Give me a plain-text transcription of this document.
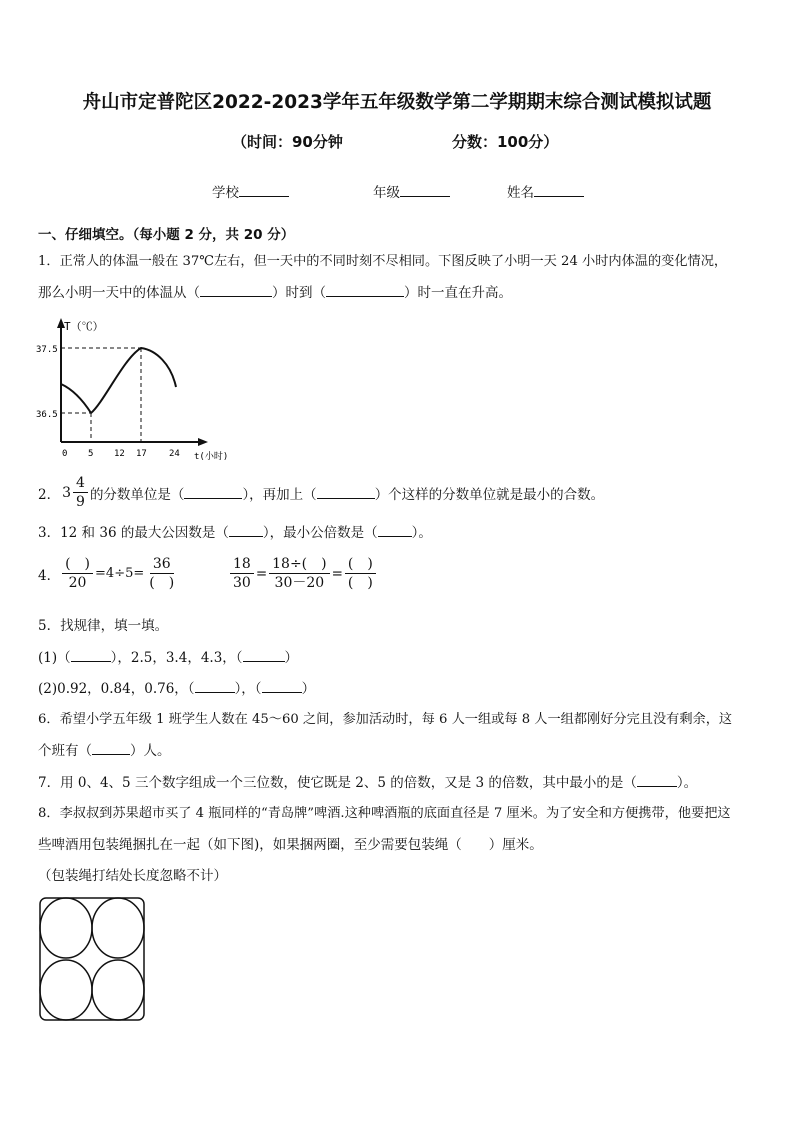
舟山市定普陀区2022-2023学年五年级数学第二学期期末综合测试模拟试题
（时间：90分钟	分数：100分）
学校	年级	姓名
一、仔细填空。（每小题 2 分，共 20 分）
1．正常人的体温一般在 37℃左右，但一天中的不同时刻不尽相同。下图反映了小明一天 24 小时内体温的变化情况，
那么小明一天中的体温从（	）时到（	）时一直在升高。
T（℃）
37.5
36.5
0 5 12 17 24 t(小时)
2． $3 \frac{4}{9}$ 的分数单位是（	），再加上（	）个这样的分数单位就是最小的合数。
3．12 和 36 的最大公因数是（	），最小公倍数是（	）。
4． $\frac{( )}{20} =4\div 5= \frac{36}{( )}$	$\frac{18}{30} = \frac{18\div( )}{30-20} = \frac{( )}{( )}$
5．找规律，填一填。
(1)（	），2.5，3.4，4.3，（	）
(2)0.92，0.84，0.76，（	），（	）
6．希望小学五年级 1 班学生人数在 45～60 之间，参加活动时，每 6 人一组或每 8 人一组都刚好分完且没有剩余，这
个班有（	）人。
7．用 0、4、5 三个数字组成一个三位数，使它既是 2、5 的倍数，又是 3 的倍数，其中最小的是（	）。
8．李叔叔到苏果超市买了 4 瓶同样的“青岛牌”啤酒.这种啤酒瓶的底面直径是 7 厘米。为了安全和方便携带，他要把这
些啤酒用包装绳捆扎在一起（如下图)，如果捆两圈，至少需要包装绳（　　）厘米。
（包装绳打结处长度忽略不计）
